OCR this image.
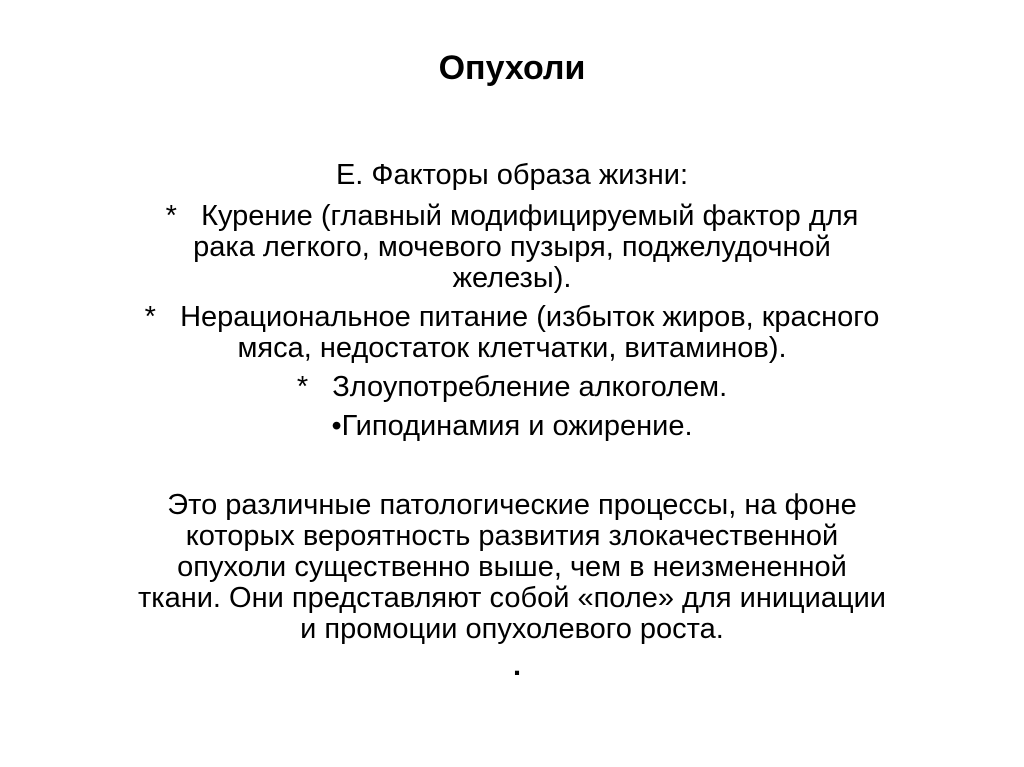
Опухоли
Е. Факторы образа жизни:
*   Курение (главный модифицируемый фактор для
рака легкого, мочевого пузыря, поджелудочной
железы).
*   Нерациональное питание (избыток жиров, красного
мяса, недостаток клетчатки, витаминов).
*   Злоупотребление алкоголем.
•Гиподинамия и ожирение.
Это различные патологические процессы, на фоне
которых вероятность развития злокачественной
опухоли существенно выше, чем в неизмененной
ткани. Они представляют собой «поле» для инициации
и промоции опухолевого роста.
.
